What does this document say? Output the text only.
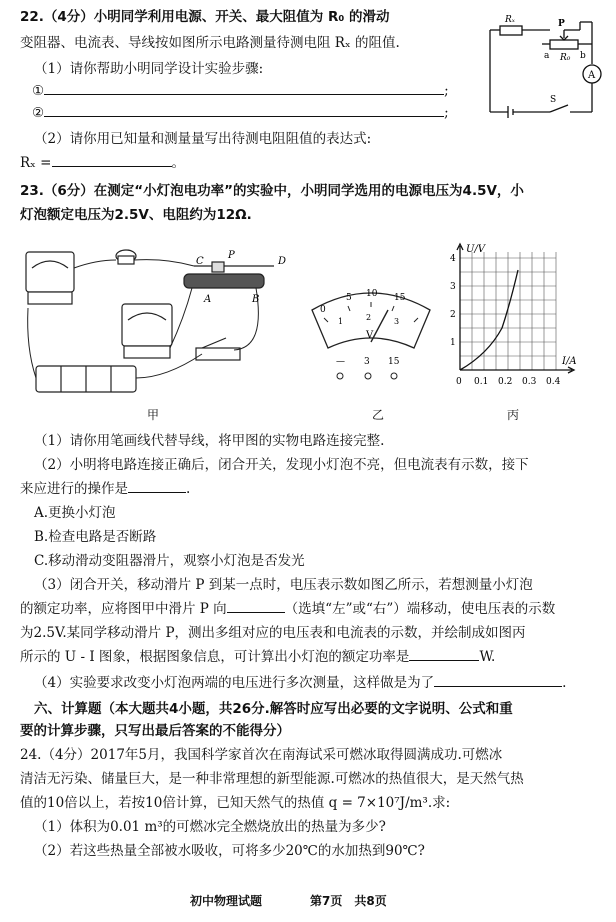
22.（4分）小明同学利用电源、开关、最大阻值为 R₀ 的滑动
变阻器、电流表、导线按如图所示电路测量待测电阻 Rₓ 的阻值.
（1）请你帮助小明同学设计实验步骤:
①	;
②	;
（2）请你用已知量和测量量写出待测电阻阻值的表达式:
Rₓ =	。
Rₓ	P
a	b
R₀
A
S
23.（6分）在测定“小灯泡电功率”的实验中，小明同学选用的电源电压为4.5V，小
灯泡额定电压为2.5V、电阻约为12Ω.
C
P
D
A	B
甲
0
5 10 15
1	2	3
V
— 3 15
乙
U/V
1
2
3
4
0 0.1 0.2 0.3 0.4
I/A
丙
（1）请你用笔画线代替导线，将甲图的实物电路连接完整.
（2）小明将电路连接正确后，闭合开关，发现小灯泡不亮，但电流表有示数，接下
来应进行的操作是	.
A.更换小灯泡
B.检查电路是否断路
C.移动滑动变阻器滑片，观察小灯泡是否发光
（3）闭合开关，移动滑片 P 到某一点时，电压表示数如图乙所示，若想测量小灯泡
的额定功率，应将图甲中滑片 P 向	（选填“左”或“右”）端移动，使电压表的示数
为2.5V.某同学移动滑片 P，测出多组对应的电压表和电流表的示数，并绘制成如图丙
所示的 U - I 图象，根据图象信息，可计算出小灯泡的额定功率是	W.
（4）实验要求改变小灯泡两端的电压进行多次测量，这样做是为了	.
六、计算题（本大题共4小题，共26分.解答时应写出必要的文字说明、公式和重
要的计算步骤，只写出最后答案的不能得分）
24.（4分）2017年5月，我国科学家首次在南海试采可燃冰取得圆满成功.可燃冰
清洁无污染、储量巨大，是一种非常理想的新型能源.可燃冰的热值很大，是天然气热
值的10倍以上，若按10倍计算，已知天然气的热值 q = 7×10⁷J/m³.求:
（1）体积为0.01 m³的可燃冰完全燃烧放出的热量为多少?
（2）若这些热量全部被水吸收，可将多少20℃的水加热到90℃?
初中物理试题	第7页　共8页
